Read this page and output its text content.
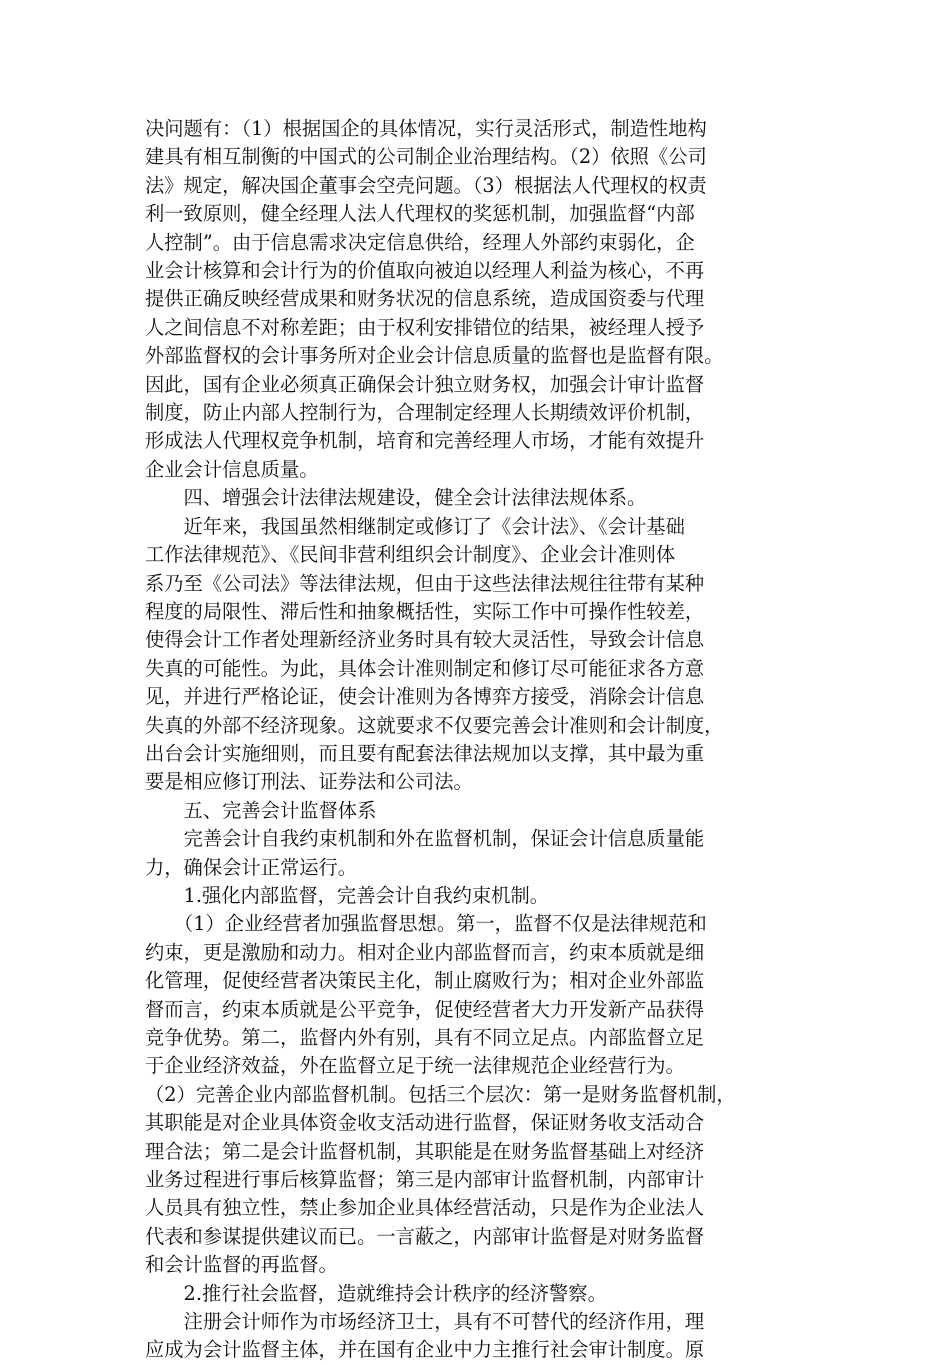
决问题有：（1）根据国企的具体情况，实行灵活形式，制造性地构
建具有相互制衡的中国式的公司制企业治理结构。（2）依照《公司
法》规定，解决国企董事会空壳问题。（3）根据法人代理权的权责
利一致原则，健全经理人法人代理权的奖惩机制，加强监督“内部
人控制”。由于信息需求决定信息供给，经理人外部约束弱化，企
业会计核算和会计行为的价值取向被迫以经理人利益为核心，不再
提供正确反映经营成果和财务状况的信息系统，造成国资委与代理
人之间信息不对称差距；由于权利安排错位的结果，被经理人授予
外部监督权的会计事务所对企业会计信息质量的监督也是监督有限。
因此，国有企业必须真正确保会计独立财务权，加强会计审计监督
制度，防止内部人控制行为，合理制定经理人长期绩效评价机制，
形成法人代理权竞争机制，培育和完善经理人市场，才能有效提升
企业会计信息质量。
　　四、增强会计法律法规建设，健全会计法律法规体系。
　　近年来，我国虽然相继制定或修订了《会计法》、《会计基础
工作法律规范》、《民间非营利组织会计制度》、企业会计准则体
系乃至《公司法》等法律法规，但由于这些法律法规往往带有某种
程度的局限性、滞后性和抽象概括性，实际工作中可操作性较差，
使得会计工作者处理新经济业务时具有较大灵活性，导致会计信息
失真的可能性。为此，具体会计准则制定和修订尽可能征求各方意
见，并进行严格论证，使会计准则为各博弈方接受，消除会计信息
失真的外部不经济现象。这就要求不仅要完善会计准则和会计制度，
出台会计实施细则，而且要有配套法律法规加以支撑，其中最为重
要是相应修订刑法、证券法和公司法。
　　五、完善会计监督体系
　　完善会计自我约束机制和外在监督机制，保证会计信息质量能
力，确保会计正常运行。
　　1.强化内部监督，完善会计自我约束机制。
　　（1）企业经营者加强监督思想。第一，监督不仅是法律规范和
约束，更是激励和动力。相对企业内部监督而言，约束本质就是细
化管理，促使经营者决策民主化，制止腐败行为；相对企业外部监
督而言，约束本质就是公平竞争，促使经营者大力开发新产品获得
竞争优势。第二，监督内外有别，具有不同立足点。内部监督立足
于企业经济效益，外在监督立足于统一法律规范企业经营行为。
（2）完善企业内部监督机制。包括三个层次：第一是财务监督机制，
其职能是对企业具体资金收支活动进行监督，保证财务收支活动合
理合法；第二是会计监督机制，其职能是在财务监督基础上对经济
业务过程进行事后核算监督；第三是内部审计监督机制，内部审计
人员具有独立性，禁止参加企业具体经营活动，只是作为企业法人
代表和参谋提供建议而已。一言蔽之，内部审计监督是对财务监督
和会计监督的再监督。
　　2.推行社会监督，造就维持会计秩序的经济警察。
　　注册会计师作为市场经济卫士，具有不可替代的经济作用，理
应成为会计监督主体，并在国有企业中力主推行社会审计制度。原
